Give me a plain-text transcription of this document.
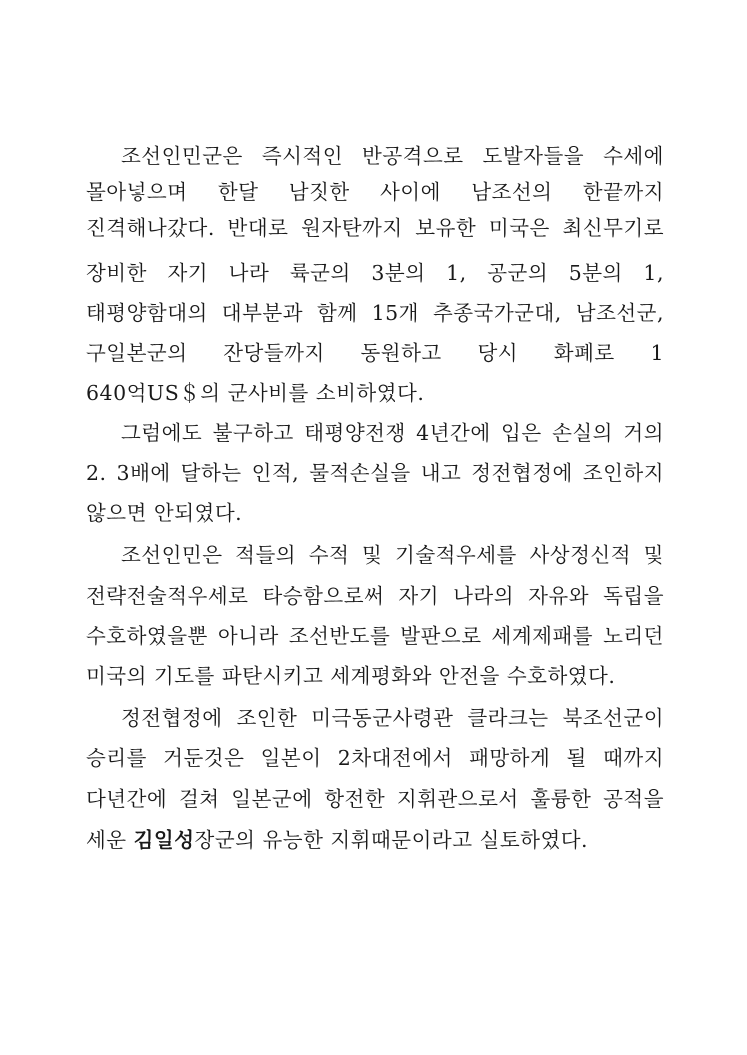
조선인민군은 즉시적인 반공격으로 도발자들을 수세에
몰아넣으며 한달 남짓한 사이에 남조선의 한끝까지
진격해나갔다. 반대로 원자탄까지 보유한 미국은 최신무기로
장비한 자기 나라 륙군의 3분의 1, 공군의 5분의 1,
태평양함대의 대부분과 함께 15개 추종국가군대, 남조선군,
구일본군의 잔당들까지 동원하고 당시 화폐로 1
640억US＄의 군사비를 소비하였다.
그럼에도 불구하고 태평양전쟁 4년간에 입은 손실의 거의
2. 3배에 달하는 인적, 물적손실을 내고 정전협정에 조인하지
않으면 안되였다.
조선인민은 적들의 수적 및 기술적우세를 사상정신적 및
전략전술적우세로 타승함으로써 자기 나라의 자유와 독립을
수호하였을뿐 아니라 조선반도를 발판으로 세계제패를 노리던
미국의 기도를 파탄시키고 세계평화와 안전을 수호하였다.
정전협정에 조인한 미극동군사령관 클라크는 북조선군이
승리를 거둔것은 일본이 2차대전에서 패망하게 될 때까지
다년간에 걸쳐 일본군에 항전한 지휘관으로서 훌륭한 공적을
세운 김일성장군의 유능한 지휘때문이라고 실토하였다.
